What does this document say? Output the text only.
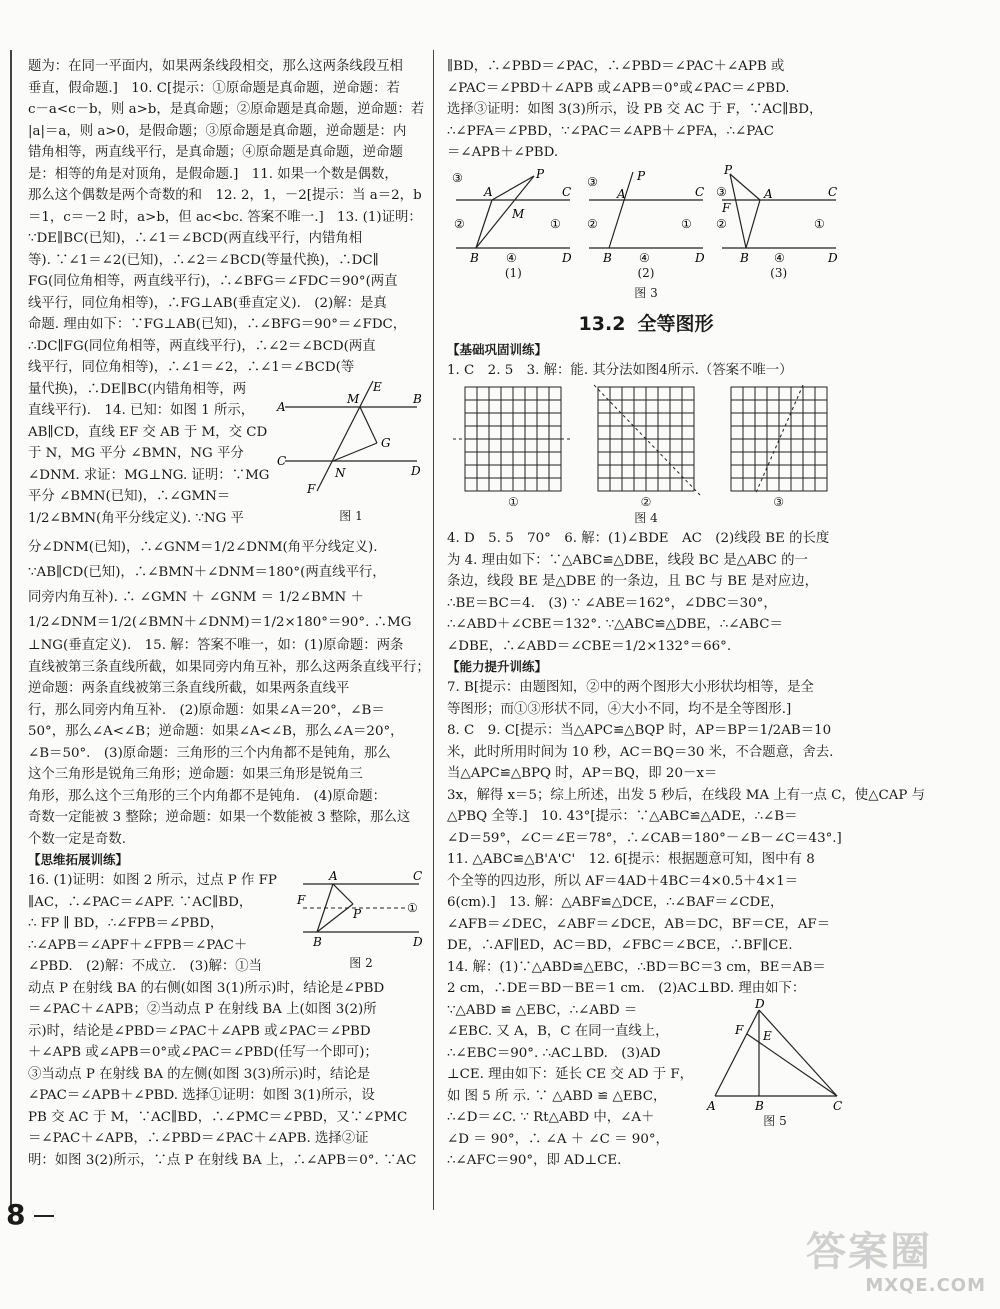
题为：在同一平面内，如果两条线段相交，那么这两条线段互相

垂直，假命题.]　10. C[提示：①原命题是真命题，逆命题：若

c－a<c－b，则 a>b，是真命题；②原命题是真命题，逆命题：若

|a|＝a，则 a>0，是假命题；③原命题是真命题，逆命题是：内

错角相等，两直线平行，是真命题；④原命题是真命题，逆命题

是：相等的角是对顶角，是假命题.]　11. 如果一个数是偶数，

那么这个偶数是两个奇数的和　12. 2，1，－2[提示：当 a＝2，b

＝1，c＝－2 时，a>b，但 ac<bc. 答案不唯一.]　13. (1)证明：

∵DE∥BC(已知)，∴∠1＝∠BCD(两直线平行，内错角相

等). ∵∠1＝∠2(已知)，∴∠2＝∠BCD(等量代换)，∴DC∥

FG(同位角相等，两直线平行)，∴∠BFG＝∠FDC＝90°(两直

线平行，同位角相等)，∴FG⊥AB(垂直定义).　(2)解：是真

命题. 理由如下：∵FG⊥AB(已知)，∴∠BFG＝90°＝∠FDC，

∴DC∥FG(同位角相等，两直线平行)，∴∠2＝∠BCD(两直

线平行，同位角相等)，∴∠1＝∠2，∴∠1＝∠BCD(等

E
A
M	B
G
C
N	D
F
图 1

量代换)，∴DE∥BC(内错角相等，两

直线平行).　14. 已知：如图 1 所示，

AB∥CD，直线 EF 交 AB 于 M，交 CD

于 N，MG 平分 ∠BMN，NG 平分

∠DNM. 求证：MG⊥NG. 证明：∵MG

平分 ∠BMN(已知)，∴∠GMN＝

1/2∠BMN(角平分线定义). ∵NG 平

分∠DNM(已知)，∴∠GNM＝1/2∠DNM(角平分线定义).

∵AB∥CD(已知)，∴∠BMN＋∠DNM＝180°(两直线平行，

同旁内角互补). ∴ ∠GMN ＋ ∠GNM ＝ 1/2∠BMN ＋

1/2∠DNM＝1/2(∠BMN＋∠DNM)＝1/2×180°＝90°. ∴MG

⊥NG(垂直定义).　15. 解：答案不唯一，如：(1)原命题：两条

直线被第三条直线所截，如果同旁内角互补，那么这两条直线平行；

逆命题：两条直线被第三条直线所截，如果两条直线平

行，那么同旁内角互补.　(2)原命题：如果∠A＝20°，∠B＝

50°，那么∠A<∠B；逆命题：如果∠A<∠B，那么∠A＝20°，

∠B＝50°.　(3)原命题：三角形的三个内角都不是钝角，那么

这个三角形是锐角三角形；逆命题：如果三角形是锐角三

角形，那么这个三角形的三个内角都不是钝角.　(4)原命题：

奇数一定能被 3 整除；逆命题：如果一个数能被 3 整除，那么这

个数一定是奇数.

【思维拓展训练】
A	C
F
P
B	D
①
图 2

16. (1)证明：如图 2 所示，过点 P 作 FP

∥AC，∴∠PAC＝∠APF. ∵AC∥BD，

∴ FP ∥ BD，∴∠FPB＝∠PBD，

∴∠APB＝∠APF＋∠FPB＝∠PAC＋

∠PBD.　(2)解：不成立.　(3)解：①当

动点 P 在射线 BA 的右侧(如图 3(1)所示)时，结论是∠PBD

＝∠PAC＋∠APB；②当动点 P 在射线 BA 上(如图 3(2)所

示)时，结论是∠PBD＝∠PAC＋∠APB 或∠PAC＝∠PBD

＋∠APB 或∠APB＝0°或∠PAC＝∠PBD(任写一个即可)；

③当动点 P 在射线 BA 的左侧(如图 3(3)所示)时，结论是

∠PAC＝∠APB＋∠PBD. 选择①证明：如图 3(1)所示，设

PB 交 AC 于 M，∵AC∥BD，∴∠PMC＝∠PBD，又∵∠PMC

＝∠PAC＋∠APB，∴∠PBD＝∠PAC＋∠APB. 选择②证

明：如图 3(2)所示，∵点 P 在射线 BA 上，∴∠APB＝0°. ∵AC

∥BD，∴∠PBD＝∠PAC，∴∠PBD＝∠PAC＋∠APB 或

∠PAC＝∠PBD＋∠APB 或∠APB＝0°或∠PAC＝∠PBD.

选择③证明：如图 3(3)所示，设 PB 交 AC 于 F，∵AC∥BD，

∴∠PFA＝∠PBD，∵∠PAC＝∠APB＋∠PFA，∴∠PAC

＝∠APB＋∠PBD.

③	P
A	C
M
②	①
B	D
④
(1)
P
③
A	C
②	①
B	D
④
(2)
P
③	A	C
F
②	①
B	D
④
(3)
图 3
13.2 全等图形
【基础巩固训练】

1. C　2. 5　3. 解：能. 其分法如图4所示.（答案不唯一）

①	②	③
图 4

4. D　5. 5　70°　6. 解：(1)∠BDE　AC　(2)线段 BE 的长度

为 4. 理由如下：∵△ABC≌△DBE，线段 BC 是△ABC 的一

条边，线段 BE 是△DBE 的一条边，且 BC 与 BE 是对应边，

∴BE＝BC＝4.　(3) ∵ ∠ABE＝162°，∠DBC＝30°，

∴∠ABD＋∠CBE＝132°. ∵△ABC≌△DBE，∴∠ABC＝

∠DBE，∴∠ABD＝∠CBE＝1/2×132°＝66°.

【能力提升训练】

7. B[提示：由题图知，②中的两个图形大小形状均相等，是全

等图形；而①③形状不同，④大小不同，均不是全等图形.]

8. C　9. C[提示：当△APC≌△BQP 时，AP＝BP＝1/2AB＝10

米，此时所用时间为 10 秒，AC＝BQ＝30 米，不合题意，舍去.

当△APC≌△BPQ 时，AP＝BQ，即 20－x＝

3x，解得 x＝5；综上所述，出发 5 秒后，在线段 MA 上有一点 C，使△CAP 与

△PBQ 全等.]　10. 43°[提示：∵△ABC≌△ADE，∴∠B＝

∠D＝59°，∠C＝∠E＝78°，∴∠CAB＝180°－∠B－∠C＝43°.]

11. △ABC≌△B'A'C'　12. 6[提示：根据题意可知，图中有 8

个全等的四边形，所以 AF＝4AD＋4BC＝4×0.5＋4×1＝

6(cm).]　13. 解：△ABF≌△DCE，∴∠BAF＝∠CDE，

∠AFB＝∠DEC，∠ABF＝∠DCE，AB＝DC，BF＝CE，AF＝

DE，∴AF∥ED，AC＝BD，∠FBC＝∠BCE，∴BF∥CE.

14. 解：(1)∵△ABD≌△EBC，∴BD＝BC＝3 cm，BE＝AB＝

2 cm，∴DE＝BD－BE＝1 cm.　(2)AC⊥BD. 理由如下：

D
F E
A	B	C
图 5

∵△ABD ≌ △EBC，∴∠ABD ＝

∠EBC. 又 A，B，C 在同一直线上，

∴∠EBC＝90°. ∴AC⊥BD.　(3)AD

⊥CE. 理由如下：延长 CE 交 AD 于 F，

如 图 5 所 示. ∵ △ABD ≌ △EBC，

∴∠D＝∠C. ∵ Rt△ABD 中，∠A＋

∠D ＝ 90°，∴ ∠A ＋ ∠C ＝ 90°，

∴∠AFC＝90°，即 AD⊥CE.

8
答案圈
MXQE.COM
